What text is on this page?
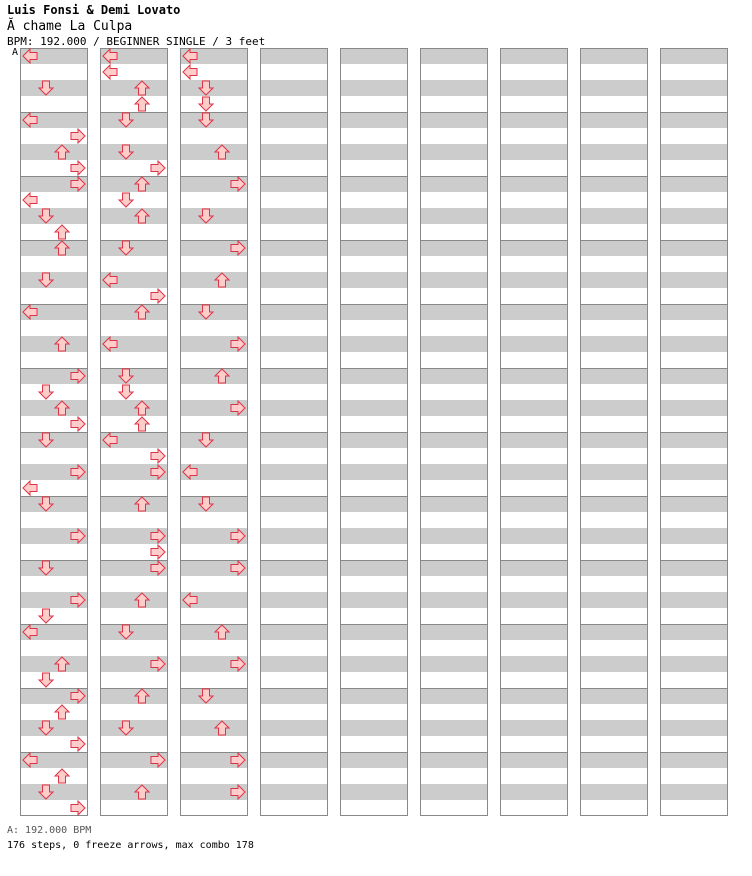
Luis Fonsi & Demi Lovato
Ă chame La Culpa
BPM: 192.000 / BEGINNER SINGLE / 3 feet
A
A: 192.000 BPM
176 steps, 0 freeze arrows, max combo 178
